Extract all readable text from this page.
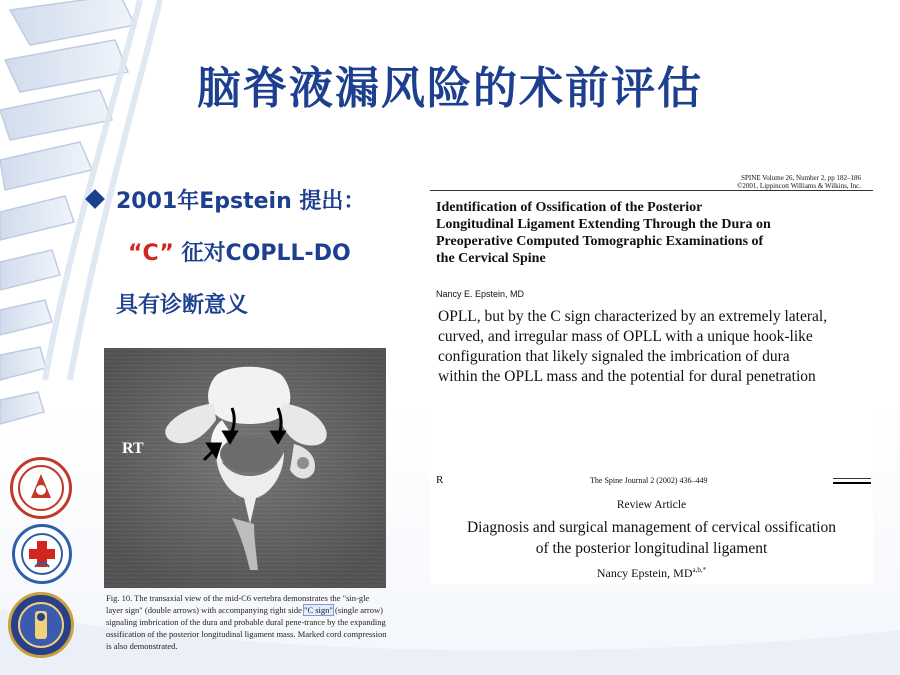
脑脊液漏风险的术前评估
2001年Epstein 提出：
“C” 征对COPLL-DO
具有诊断意义
RT
Fig. 10. The transaxial view of the mid-C6 vertebra demonstrates the "sin-gle layer sign" (double arrows) with accompanying right side "C sign" (single arrow) signaling imbrication of the dura and probable dural pene-trance by the expanding ossification of the posterior longitudinal ligament mass. Marked cord compression is also demonstrated.
SPINE Volume 26, Number 2, pp 182–186
©2001, Lippincott Williams & Wilkins, Inc.
Identification of Ossification of the Posterior
Longitudinal Ligament Extending Through the Dura on
Preoperative Computed Tomographic Examinations of
the Cervical Spine
Nancy E. Epstein, MD
OPLL, but by the C sign characterized by an extremely lateral,
curved, and irregular mass of OPLL with a unique hook-like
configuration that likely signaled the imbrication of dura
within the OPLL mass and the potential for dural penetration
R	The Spine Journal 2 (2002) 436–449
Review Article
Diagnosis and surgical management of cervical ossification
of the posterior longitudinal ligament
Nancy Epstein, $MD^{a,b,*}$
